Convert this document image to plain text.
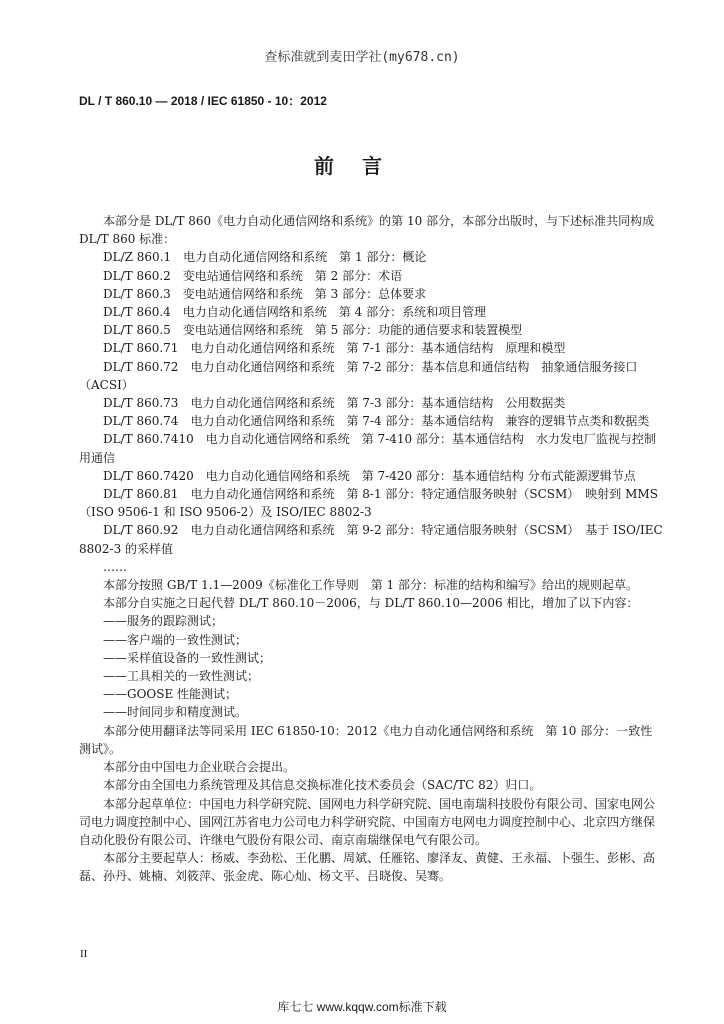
查标准就到麦田学社(my678.cn)
DL / T 860.10 — 2018 / IEC 61850 - 10：2012
前言

本部分是 DL/T 860《电力自动化通信网络和系统》的第 10 部分，本部分出版时，与下述标准共同构成 DL/T 860 标准：

DL/Z 860.1　电力自动化通信网络和系统　第 1 部分：概论

DL/T 860.2　变电站通信网络和系统　第 2 部分：术语

DL/T 860.3　变电站通信网络和系统　第 3 部分：总体要求

DL/T 860.4　电力自动化通信网络和系统　第 4 部分：系统和项目管理

DL/T 860.5　变电站通信网络和系统　第 5 部分：功能的通信要求和装置模型

DL/T 860.71　电力自动化通信网络和系统　第 7-1 部分：基本通信结构　原理和模型

DL/T 860.72　电力自动化通信网络和系统　第 7-2 部分：基本信息和通信结构　抽象通信服务接口（ACSI）

DL/T 860.73　电力自动化通信网络和系统　第 7-3 部分：基本通信结构　公用数据类

DL/T 860.74　电力自动化通信网络和系统　第 7-4 部分：基本通信结构　兼容的逻辑节点类和数据类

DL/T 860.7410　电力自动化通信网络和系统　第 7-410 部分：基本通信结构　水力发电厂监视与控制用通信

DL/T 860.7420　电力自动化通信网络和系统　第 7-420 部分：基本通信结构 分布式能源逻辑节点

DL/T 860.81　电力自动化通信网络和系统　第 8-1 部分：特定通信服务映射（SCSM）　映射到 MMS（ISO 9506-1 和 ISO 9506-2）及 ISO/IEC 8802-3

DL/T 860.92　电力自动化通信网络和系统　第 9-2 部分：特定通信服务映射（SCSM）　基于 ISO/IEC 8802-3 的采样值

……

本部分按照 GB/T 1.1—2009《标准化工作导则　第 1 部分：标准的结构和编写》给出的规则起草。

本部分自实施之日起代替 DL/T 860.10－2006，与 DL/T 860.10—2006 相比，增加了以下内容：

——服务的跟踪测试；

——客户端的一致性测试；

——采样值设备的一致性测试；

——工具相关的一致性测试；

——GOOSE 性能测试；

——时间同步和精度测试。

本部分使用翻译法等同采用 IEC 61850-10：2012《电力自动化通信网络和系统　第 10 部分：一致性测试》。

本部分由中国电力企业联合会提出。

本部分由全国电力系统管理及其信息交换标准化技术委员会（SAC/TC 82）归口。

本部分起草单位：中国电力科学研究院、国网电力科学研究院、国电南瑞科技股份有限公司、国家电网公司电力调度控制中心、国网江苏省电力公司电力科学研究院、中国南方电网电力调度控制中心、北京四方继保自动化股份有限公司、许继电气股份有限公司、南京南瑞继保电气有限公司。

本部分主要起草人：杨威、李劲松、王化鹏、周斌、任雁铭、廖泽友、黄健、王永福、卜强生、彭彬、高磊、孙丹、姚楠、刘筱萍、张金虎、陈心灿、杨文平、吕晓俊、吴骞。

II
库七七 www.kqqw.com标准下载
